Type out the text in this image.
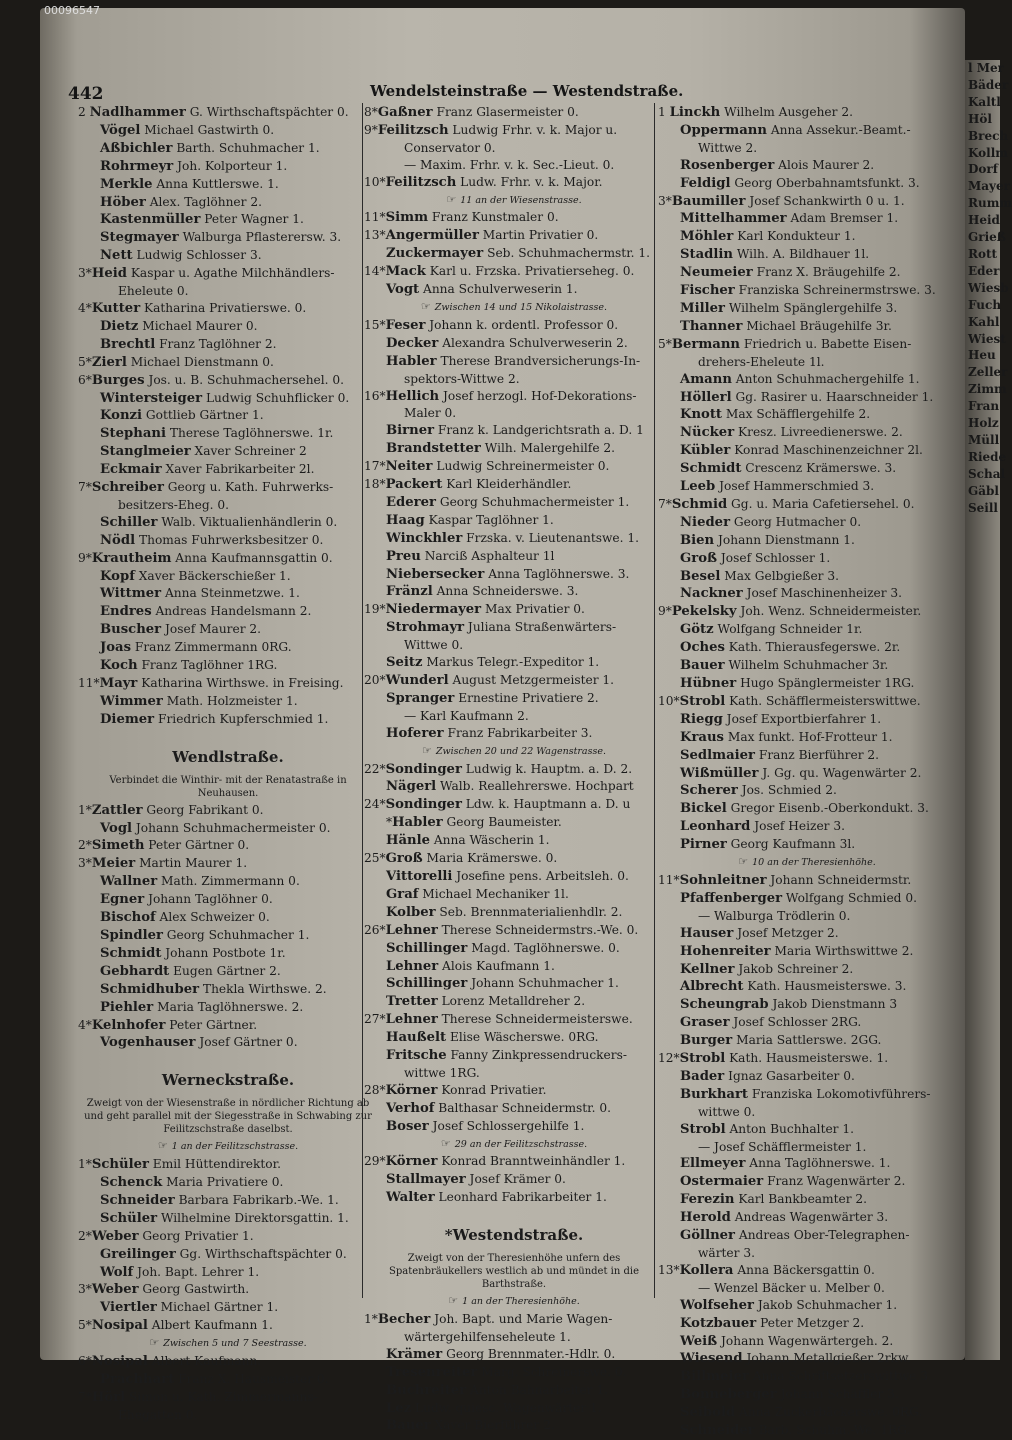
00096547
442	Wendelsteinstraße — Westendstraße.
2 Nadlhammer G. Wirthschaftspächter 0.
Vögel Michael Gastwirth 0.
Aßbichler Barth. Schuhmacher 1.
Rohrmeyr Joh. Kolporteur 1.
Merkle Anna Kuttlerswe. 1.
Höber Alex. Taglöhner 2.
Kastenmüller Peter Wagner 1.
Stegmayer Walburga Pflasterersw. 3.
Nett Ludwig Schlosser 3.
3*Heid Kaspar u. Agathe Milchhändlers-
Eheleute 0.
4*Kutter Katharina Privatierswe. 0.
Dietz Michael Maurer 0.
Brechtl Franz Taglöhner 2.
5*Zierl Michael Dienstmann 0.
6*Burges Jos. u. B. Schuhmachersehel. 0.
Wintersteiger Ludwig Schuhflicker 0.
Konzi Gottlieb Gärtner 1.
Stephani Therese Taglöhnerswe. 1r.
Stanglmeier Xaver Schreiner 2
Eckmair Xaver Fabrikarbeiter 2l.
7*Schreiber Georg u. Kath. Fuhrwerks-
besitzers-Eheg. 0.
Schiller Walb. Viktualienhändlerin 0.
Nödl Thomas Fuhrwerksbesitzer 0.
9*Krautheim Anna Kaufmannsgattin 0.
Kopf Xaver Bäckerschießer 1.
Wittmer Anna Steinmetzwe. 1.
Endres Andreas Handelsmann 2.
Buscher Josef Maurer 2.
Joas Franz Zimmermann 0RG.
Koch Franz Taglöhner 1RG.
11*Mayr Katharina Wirthswe. in Freising.
Wimmer Math. Holzmeister 1.
Diemer Friedrich Kupferschmied 1.
Wendlstraße.
Verbindet die Winthir- mit der Renatastraße in Neuhausen.
1*Zattler Georg Fabrikant 0.
Vogl Johann Schuhmachermeister 0.
2*Simeth Peter Gärtner 0.
3*Meier Martin Maurer 1.
Wallner Math. Zimmermann 0.
Egner Johann Taglöhner 0.
Bischof Alex Schweizer 0.
Spindler Georg Schuhmacher 1.
Schmidt Johann Postbote 1r.
Gebhardt Eugen Gärtner 2.
Schmidhuber Thekla Wirthswe. 2.
Piehler Maria Taglöhnerswe. 2.
4*Kelnhofer Peter Gärtner.
Vogenhauser Josef Gärtner 0.
Werneckstraße.
Zweigt von der Wiesenstraße in nördlicher Richtung ab und geht parallel mit der Siegesstraße in Schwabing zur Feilitzschstraße daselbst.
☞ 1 an der Feilitzschstrasse.
1*Schüler Emil Hüttendirektor.
Schenck Maria Privatiere 0.
Schneider Barbara Fabrikarb.-We. 1.
Schüler Wilhelmine Direktorsgattin. 1.
2*Weber Georg Privatier 1.
Greilinger Gg. Wirthschaftspächter 0.
Wolf Joh. Bapt. Lehrer 1.
3*Weber Georg Gastwirth.
Viertler Michael Gärtner 1.
5*Nosipal Albert Kaufmann 1.
☞ Zwischen 5 und 7 Seestrasse.
6*Nosipal Albert Kaufmann.
Prachhart Franz X. Hausmeister 0.
7*Hörl Simon u. Kath. Zimmermanns-
Ehegatten 0.
8*Gaßner Franz Glasermeister 0.
9*Feilitzsch Ludwig Frhr. v. k. Major u.
Conservator 0.
— Maxim. Frhr. v. k. Sec.-Lieut. 0.
10*Feilitzsch Ludw. Frhr. v. k. Major.
☞ 11 an der Wiesenstrasse.
11*Simm Franz Kunstmaler 0.
13*Angermüller Martin Privatier 0.
Zuckermayer Seb. Schuhmachermstr. 1.
14*Mack Karl u. Frzska. Privatiersehеg. 0.
Vogt Anna Schulverweserin 1.
☞ Zwischen 14 und 15 Nikolaistrasse.
15*Feser Johann k. ordentl. Professor 0.
Decker Alexandra Schulverweserin 2.
Habler Therese Brandversicherungs-In-
spektors-Wittwe 2.
16*Hellich Josef herzogl. Hof-Dekorations-
Maler 0.
Birner Franz k. Landgerichtsrath a. D. 1
Brandstetter Wilh. Malergehilfe 2.
17*Neiter Ludwig Schreinermeister 0.
18*Packert Karl Kleiderhändler.
Ederer Georg Schuhmachermeister 1.
Haag Kaspar Taglöhner 1.
Winckhler Frzska. v. Lieutenantswe. 1.
Preu Narciß Asphalteur 1l
Niebersecker Anna Taglöhnerswe. 3.
Fränzl Anna Schneiderswe. 3.
19*Niedermayer Max Privatier 0.
Strohmayr Juliana Straßenwärters-
Wittwe 0.
Seitz Markus Telegr.-Expeditor 1.
20*Wunderl August Metzgermeister 1.
Spranger Ernestine Privatiere 2.
— Karl Kaufmann 2.
Hoferer Franz Fabrikarbeiter 3.
☞ Zwischen 20 und 22 Wagenstrasse.
22*Sondinger Ludwig k. Hauptm. a. D. 2.
Nägerl Walb. Reallehrerswe. Hochpart
24*Sondinger Ldw. k. Hauptmann a. D. u
*Habler Georg Baumeister.
Hänle Anna Wäscherin 1.
25*Groß Maria Krämerswe. 0.
Vittorelli Josefine pens. Arbeitsleh. 0.
Graf Michael Mechaniker 1l.
Kolber Seb. Brennmaterialienhdlr. 2.
26*Lehner Therese Schneidermstrs.-We. 0.
Schillinger Magd. Taglöhnerswe. 0.
Lehner Alois Kaufmann 1.
Schillinger Johann Schuhmacher 1.
Tretter Lorenz Metalldreher 2.
27*Lehner Therese Schneidermeisterswe.
Haußelt Elise Wäscherswe. 0RG.
Fritsche Fanny Zinkpressendruckers-
wittwe 1RG.
28*Körner Konrad Privatier.
Verhof Balthasar Schneidermstr. 0.
Boser Josef Schlossergehilfe 1.
☞ 29 an der Feilitzschstrasse.
29*Körner Konrad Branntweinhändler 1.
Stallmayer Josef Krämer 0.
Walter Leonhard Fabrikarbeiter 1.
*Westendstraße.
Zweigt von der Theresienhöhe unfern des Spatenbräukellers westlich ab und mündet in die Barthstraße.
☞ 1 an der Theresienhöhe.
1*Becher Joh. Bapt. und Marie Wagen-
wärtergehilfenseheleute 1.
Krämer Georg Brennmater.-Hdlr. 0.
Tresenreiter Marg. Schreinerswe. 0.
Buchreiter Anton Bahnarbeiter 1.
Lez Ludw. quiesc. Wagenwärter 1.
Bauer Xaver Bierführer 2.
1 Linckh Wilhelm Ausgeher 2.
Oppermann Anna Assekur.-Beamt.-
Wittwe 2.
Rosenberger Alois Maurer 2.
Feldigl Georg Oberbahnamtsfunkt. 3.
3*Baumiller Josef Schankwirth 0 u. 1.
Mittelhammer Adam Bremser 1.
Möhler Karl Konduktеur 1.
Stadlin Wilh. A. Bildhauer 1l.
Neumeier Franz X. Bräugehilfe 2.
Fischer Franziska Schreinermstrswe. 3.
Miller Wilhelm Spänglergehilfe 3.
Thanner Michael Bräugehilfe 3r.
5*Bermann Friedrich u. Babette Eisen-
drehers-Eheleute 1l.
Amann Anton Schuhmachergehilfe 1.
Höllerl Gg. Rasirer u. Haarschneider 1.
Knott Max Schäfflergehilfe 2.
Nücker Kresz. Livreedienerswe. 2.
Kübler Konrad Maschinenzeichner 2l.
Schmidt Crescenz Krämerswe. 3.
Leeb Josef Hammerschmied 3.
7*Schmid Gg. u. Maria Cafetiersehel. 0.
Nieder Georg Hutmacher 0.
Bien Johann Dienstmann 1.
Groß Josef Schlosser 1.
Besel Max Gelbgießer 3.
Nackner Josef Maschinenheizer 3.
9*Pekelsky Joh. Wenz. Schneidermeister.
Götz Wolfgang Schneider 1r.
Oches Kath. Thierausfegerswe. 2r.
Bauer Wilhelm Schuhmacher 3r.
Hübner Hugo Spänglermeister 1RG.
10*Strobl Kath. Schäfflermeisterswittwe.
Riegg Josef Exportbierfahrer 1.
Kraus Max funkt. Hof-Frotteur 1.
Sedlmaier Franz Bierführer 2.
Wißmüller J. Gg. qu. Wagenwärter 2.
Scherer Jos. Schmied 2.
Bickel Gregor Eisenb.-Oberkondukt. 3.
Leonhard Josef Heizer 3.
Pirner Georg Kaufmann 3l.
☞ 10 an der Theresienhöhe.
11*Sohnleitner Johann Schneidermstr.
Pfaffenberger Wolfgang Schmied 0.
— Walburga Trödlerin 0.
Hauser Josef Metzger 2.
Hohenreiter Maria Wirthswittwe 2.
Kellner Jakob Schreiner 2.
Albrecht Kath. Hausmeisterswe. 3.
Scheungrab Jakob Dienstmann 3
Graser Josef Schlosser 2RG.
Burger Maria Sattlerswe. 2GG.
12*Strobl Kath. Hausmeisterswe. 1.
Bader Ignaz Gasarbeiter 0.
Burkhart Franziska Lokomotivführers-
wittwe 0.
Strobl Anton Buchhalter 1.
— Josef Schäfflermeister 1.
Ellmeyer Anna Taglöhnerswe. 1.
Ostermaier Franz Wagenwärter 2.
Ferezin Karl Bankbeamter 2.
Herold Andreas Wagenwärter 3.
Göllner Andreas Ober-Telegraphen-
wärter 3.
13*Kollera Anna Bäckersgattin 0.
— Wenzel Bäcker u. Melber 0.
Wolfseher Jakob Schuhmacher 1.
Kotzbauer Peter Metzger 2.
Weiß Johann Wagenwärtergeh. 2.
Wiesend Johann Metallgießer 2rkw.
Billmeier Anna Schriftsetzerswittwe 3
Bonneberger Johann Schäffler 3.
Seibold Anna Zuckerbäckerswe. 0RG.
Schneider Barb. Schuhm.-We. 1RG.
l Mer
Bäder
Kaltl
Höl
Brech
Kollm
Dorf
Mayer
Rumm
Heid
Grieß
Rott
Eder
Wiesb
Fuch
Kahl
Wiest
Heu
Zeller
Zimm
Fran
Holz
Müll
Riede
Schal
Gäbl
Seill
